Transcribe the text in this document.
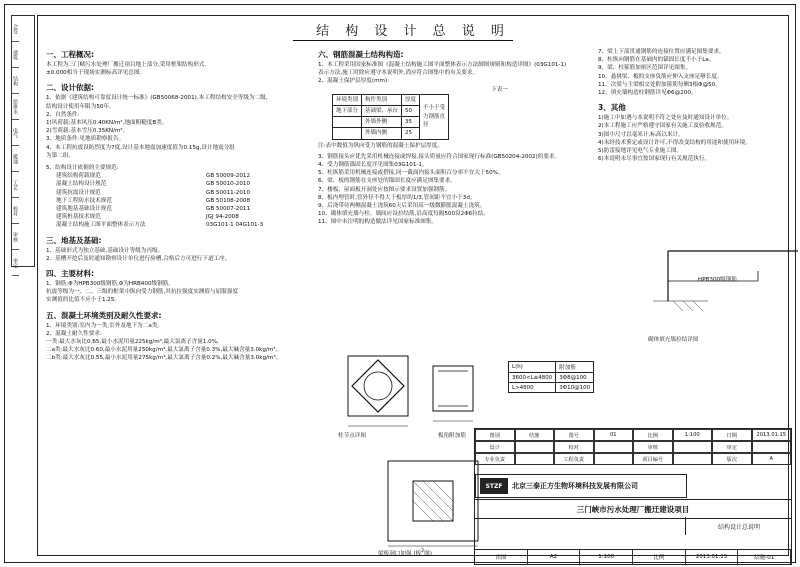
会签
建筑
结构
给排水
电气
暖通
工艺
校对
审核
审定
结 构 设 计 总 说 明
一、工程概况:

本工程为三门峡污水处理厂搬迁项目地上部分,采用框架结构形式。

±0.000相当于现场实测标高详见总图。

二、设计依据:

1、依据《建筑结构可靠度设计统一标准》(GB50068-2001),本工程结构安全等级为二级,

结构设计使用年限为50年。

2、自然条件:

1)风荷载:基本风压0.40KN/m²,地面粗糙度B类。

2)雪荷载:基本雪压0.35KN/m²。

3、地质条件:见地质勘察报告。

4、本工程抗震设防烈度为7度,设计基本地震加速度值为0.15g,设计地震分组

为第二组。

5、结构设计依据的主要规范:

建筑结构荷载规范	GB 50009-2012
混凝土结构设计规范	GB 50010-2010
建筑抗震设计规范	GB 50011-2010
地下工程防水技术规范	GB 50108-2008
建筑地基基础设计规范	GB 50007-2011
建筑桩基技术规范	JGJ 94-2008
混凝土结构施工图平面整体表示方法	03G101-1 04G101-3
三、地基及基础:

1、基础形式为独立基础,基础设计等级为丙级。

2、基槽开挖后及时通知勘察设计单位进行验槽,合格后方可进行下道工序。

四、主要材料:

1、钢筋:Φ为HPB300级钢筋,Φ为HRB400级钢筋。

抗震等级为一、二、三级的框架中纵向受力钢筋,其抗拉强度实测值与屈服强度

实测值的比值不应小于1.25。

五、混凝土环境类别及耐久性要求:

1、环境类别:室内为一类,室外及地下为二a类。

2、混凝土耐久性要求:

一类:最大水灰比0.65,最小水泥用量225kg/m³,最大氯离子含量1.0%,

二a类:最大水灰比0.60,最小水泥用量250kg/m³,最大氯离子含量0.3%,最大碱含量3.0kg/m³。

二b类:最大水灰比0.55,最小水泥用量275kg/m³,最大氯离子含量0.2%,最大碱含量3.0kg/m³。

六、钢筋混凝土结构构造:

1、本工程采用国家标准图《混凝土结构施工图平面整体表示方法制图规则和构造详图》(03G101-1)

表示方法,施工时除应遵守本说明外,尚应符合图集中的有关要求。

2、混凝土保护层厚度(mm):

下表一

环境类别	构件类别	厚度	不小于受力钢筋直径
地下部分	基础梁、承台	50	
	外墙外侧	35	
	外墙内侧	25	

注:表中数值为纵向受力钢筋的混凝土保护层厚度。

3、钢筋接头应优先采用机械连接或焊接,接头质量应符合国家现行标准(GB50204-2002)的要求。

4、受力钢筋锚固长度详见图集03G101-1。

5、柱纵筋采用机械连接或搭接,同一截面内接头面积百分率不宜大于50%。

6、梁、板的钢筋在支座处的锚固长度应满足图集要求。

7、楼板、屋面板开洞处应按图示要求设置加强钢筋。

8、板内埋管时,管外径不得大于板厚的1/3,管间距不宜小于3d。

9、后浇带待两侧混凝土浇筑60天后采用高一级微膨胀混凝土浇筑。

10、砌体填充墙与柱、墙间应设拉结筋,沿高度每隔500设2Φ6拉结。

11、图中未注明的构造做法详见国家标准图集。

柱节点详图	板角附加筋
L(h)	附加筋
3600<L≤4800	3Φ8@100
L>4800	3Φ10@100
梁板洞口加强 (板$^2$图)

7、梁上下部贯通钢筋的连接位置应满足图集要求。

8、柱纵向钢筋在基础内的锚固长度不小于La。

9、梁、柱箍筋加密区范围详见图集。

10、悬挑梁、板的支座负筋应伸入支座足够长度。

11、次梁与主梁相交处附加箍筋每侧3根Φ@50。

12、填充墙构造柱钢筋详见Φ6@200。

3、其他

1)施工中如遇与本说明不符之处应及时通知设计单位。

2)本工程施工应严格遵守国家有关施工及验收规范。

3)图中尺寸以毫米计,标高以米计。

4)未经技术鉴定或设计许可,不得改变结构的用途和使用环境。

5)防雷接地详见电气专业施工图。

6)本说明未尽事宜按国家现行有关规范执行。

砌体填充墙拉结详图
HPB300级钢筋
图别	结施	图号	01	比例	1:100	日期	2013.01.15
设计	校对	审核	审定
专业负责	工程负责	项目编号	版次	A
STZF	北京三泰正方生物环境科技发展有限公司
三门峡市污水处理厂搬迁建设项目
结构设计总说明
出图	A2	1:100	比例	2013.01.15	结施-01
